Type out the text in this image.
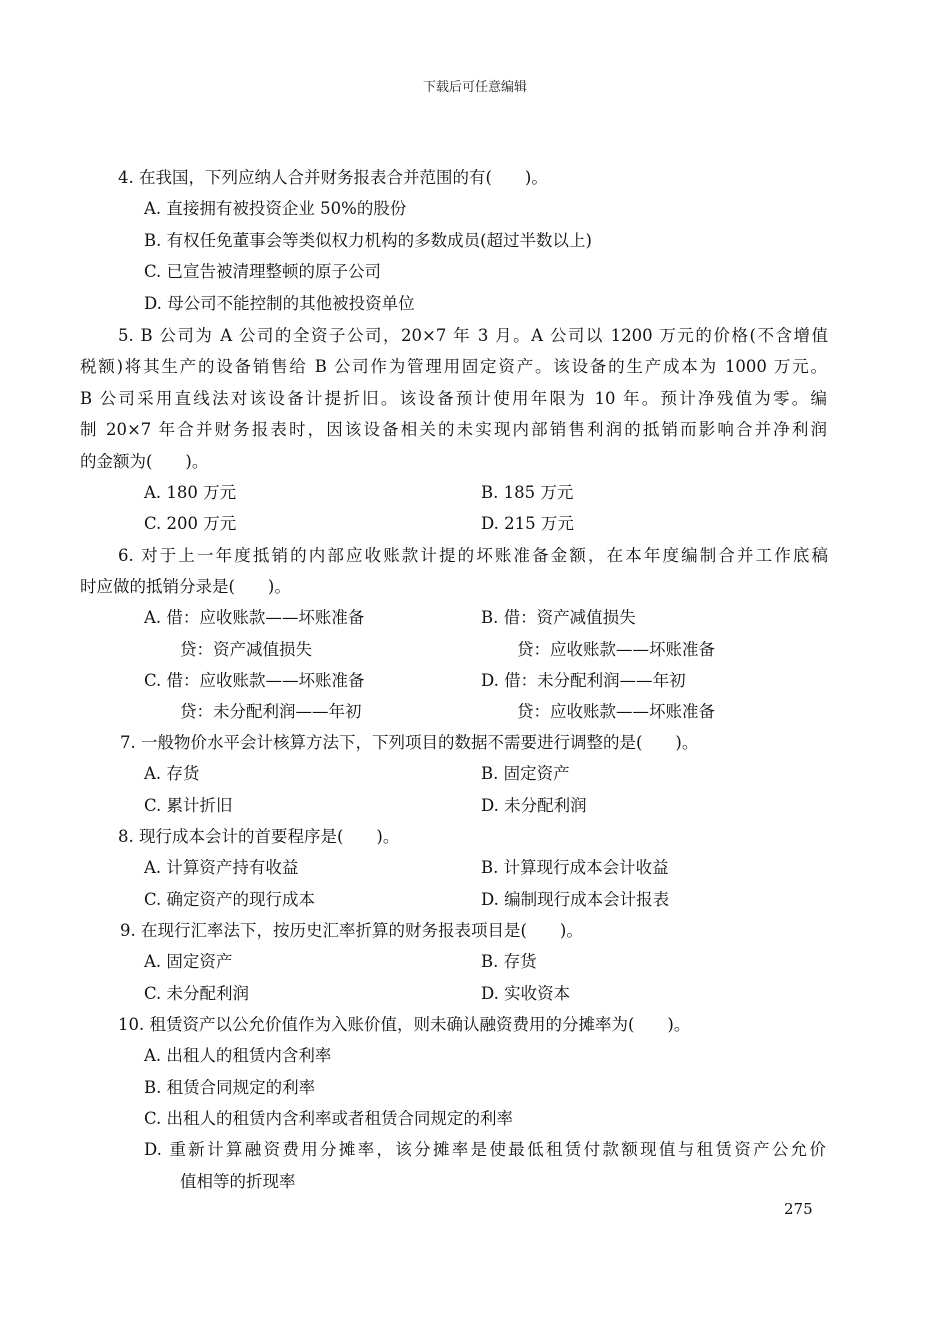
下载后可任意编辑
4. 在我国，下列应纳人合并财务报表合并范围的有(　　)。
A. 直接拥有被投资企业 50%的股份
B. 有权任免董事会等类似权力机构的多数成员(超过半数以上)
C. 已宣告被清理整顿的原子公司
D. 母公司不能控制的其他被投资单位
5. B 公司为 A 公司的全资子公司，20×7 年 3 月。A 公司以 1200 万元的价格(不含增值
税额)将其生产的设备销售给 B 公司作为管理用固定资产。该设备的生产成本为 1000 万元。
B 公司采用直线法对该设备计提折旧。该设备预计使用年限为 10 年。预计净残值为零。编
制 20×7 年合并财务报表时，因该设备相关的未实现内部销售利润的抵销而影响合并净利润
的金额为(　　)。
A. 180 万元	B. 185 万元
C. 200 万元	D. 215 万元
6. 对于上一年度抵销的内部应收账款计提的坏账准备金额，在本年度编制合并工作底稿
时应做的抵销分录是(　　)。
A. 借：应收账款——坏账准备	B. 借：资产减值损失
贷：资产减值损失	贷：应收账款——坏账准备
C. 借：应收账款——坏账准备	D. 借：未分配利润——年初
贷：未分配利润——年初	贷：应收账款——坏账准备
7. 一般物价水平会计核算方法下，下列项目的数据不需要进行调整的是(　　)。
A. 存货	B. 固定资产
C. 累计折旧	D. 未分配利润
8. 现行成本会计的首要程序是(　　)。
A. 计算资产持有收益	B. 计算现行成本会计收益
C. 确定资产的现行成本	D. 编制现行成本会计报表
9. 在现行汇率法下，按历史汇率折算的财务报表项目是(　　)。
A. 固定资产	B. 存货
C. 未分配利润	D. 实收资本
10. 租赁资产以公允价值作为入账价值，则未确认融资费用的分摊率为(　　)。
A. 出租人的租赁内含利率
B. 租赁合同规定的利率
C. 出租人的租赁内含利率或者租赁合同规定的利率
D. 重新计算融资费用分摊率，该分摊率是使最低租赁付款额现值与租赁资产公允价
值相等的折现率
275
